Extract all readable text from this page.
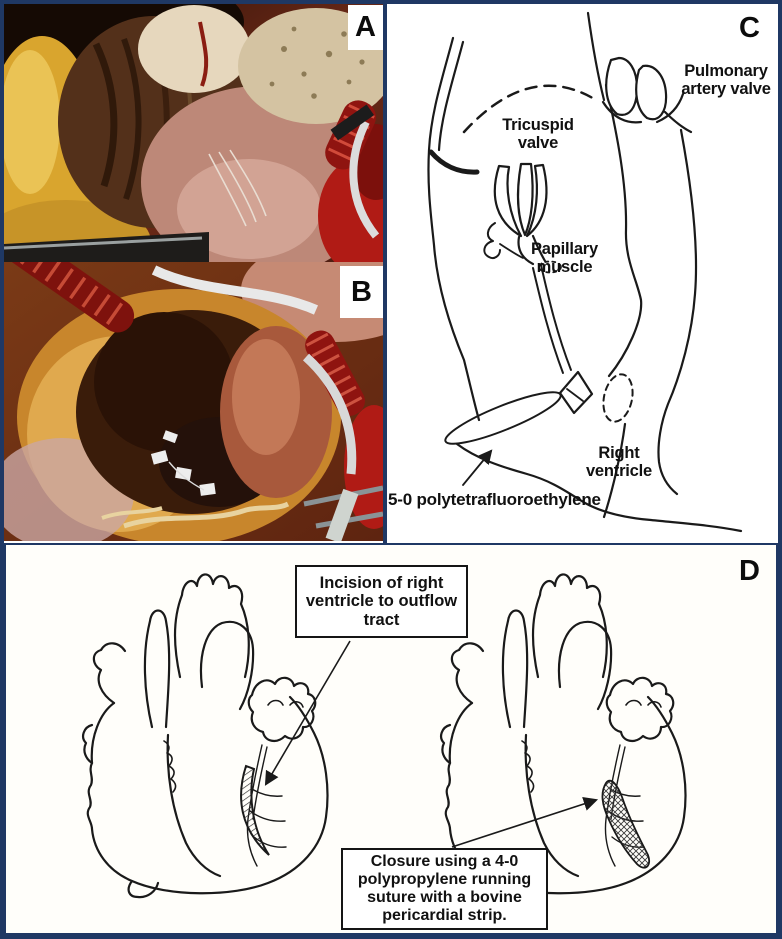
A
B
C
Pulmonary artery valve
Tricuspid valve
Papillary muscle
Right ventricle
5-0 polytetrafluoroethylene
Incision of right ventricle to outflow tract
Closure using a 4-0 polypropylene running suture with a bovine pericardial strip.
D
